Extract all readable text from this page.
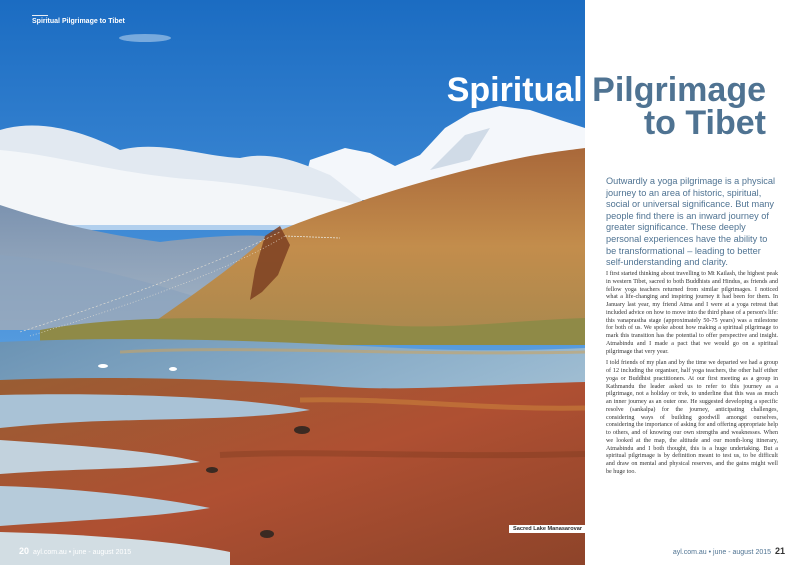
Spiritual Pilgrimage to Tibet
Spiritual Pilgrimage
to Tibet
Outwardly a yoga pilgrimage is a physical journey to an area of historic, spiritual, social or universal significance. But many people find there is an inward journey of greater significance. These deeply personal experiences have the ability to be transformational – leading to better self-understanding and clarity.

I first started thinking about travelling to Mt Kailash, the highest peak in western Tibet, sacred to both Buddhists and Hindus, as friends and fellow yoga teachers returned from similar pilgrimages. I noticed what a life-changing and inspiring journey it had been for them. In January last year, my friend Atma and I were at a yoga retreat that included advice on how to move into the third phase of a person's life: this vanaprastha stage (approximately 50-75 years) was a milestone for both of us. We spoke about how making a spiritual pilgrimage to mark this transition has the potential to offer perspective and insight. Atmabindu and I made a pact that we would go on a spiritual pilgrimage that very year.

I told friends of my plan and by the time we departed we had a group of 12 including the organiser, half yoga teachers, the other half either yoga or Buddhist practitioners. At our first meeting as a group in Kathmandu the leader asked us to refer to this journey as a pilgrimage, not a holiday or trek, to underline that this was as much an inner journey as an outer one. He suggested developing a specific resolve (sankalpa) for the journey, anticipating challenges, considering ways of building goodwill amongst ourselves, considering the importance of asking for and offering appropriate help to others, and of knowing our own strengths and weaknesses. When we looked at the map, the altitude and our month-long itinerary, Atmabindu and I both thought, this is a huge undertaking. But a spiritual pilgrimage is by definition meant to test us, to be difficult and draw on mental and physical reserves, and the gains might well be huge too.

Sacred Lake Manasarovar
20 ayl.com.au • june - august 2015	ayl.com.au • june - august 2015 21
